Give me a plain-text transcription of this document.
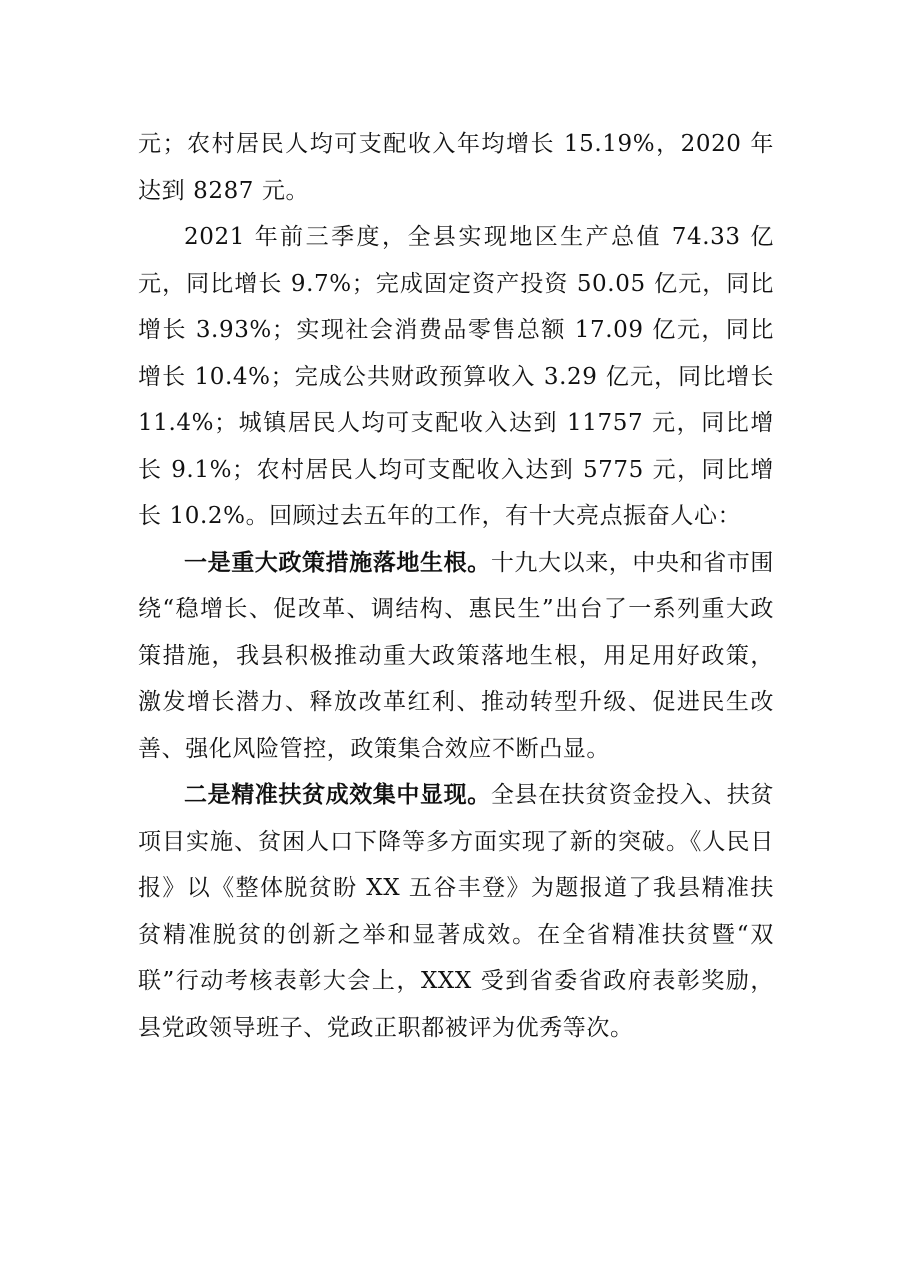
元；农村居民人均可支配收入年均增长 15.19%，2020 年达到 8287 元。

2021 年前三季度，全县实现地区生产总值 74.33 亿元，同比增长 9.7%；完成固定资产投资 50.05 亿元，同比增长 3.93%；实现社会消费品零售总额 17.09 亿元，同比增长 10.4%；完成公共财政预算收入 3.29 亿元，同比增长 11.4%；城镇居民人均可支配收入达到 11757 元，同比增长 9.1%；农村居民人均可支配收入达到 5775 元，同比增长 10.2%。回顾过去五年的工作，有十大亮点振奋人心：

一是重大政策措施落地生根。十九大以来，中央和省市围绕“稳增长、促改革、调结构、惠民生”出台了一系列重大政策措施，我县积极推动重大政策落地生根，用足用好政策，激发增长潜力、释放改革红利、推动转型升级、促进民生改善、强化风险管控，政策集合效应不断凸显。

二是精准扶贫成效集中显现。全县在扶贫资金投入、扶贫项目实施、贫困人口下降等多方面实现了新的突破。《人民日报》以《整体脱贫盼 XX 五谷丰登》为题报道了我县精准扶贫精准脱贫的创新之举和显著成效。在全省精准扶贫暨“双联”行动考核表彰大会上，XXX 受到省委省政府表彰奖励，县党政领导班子、党政正职都被评为优秀等次。
